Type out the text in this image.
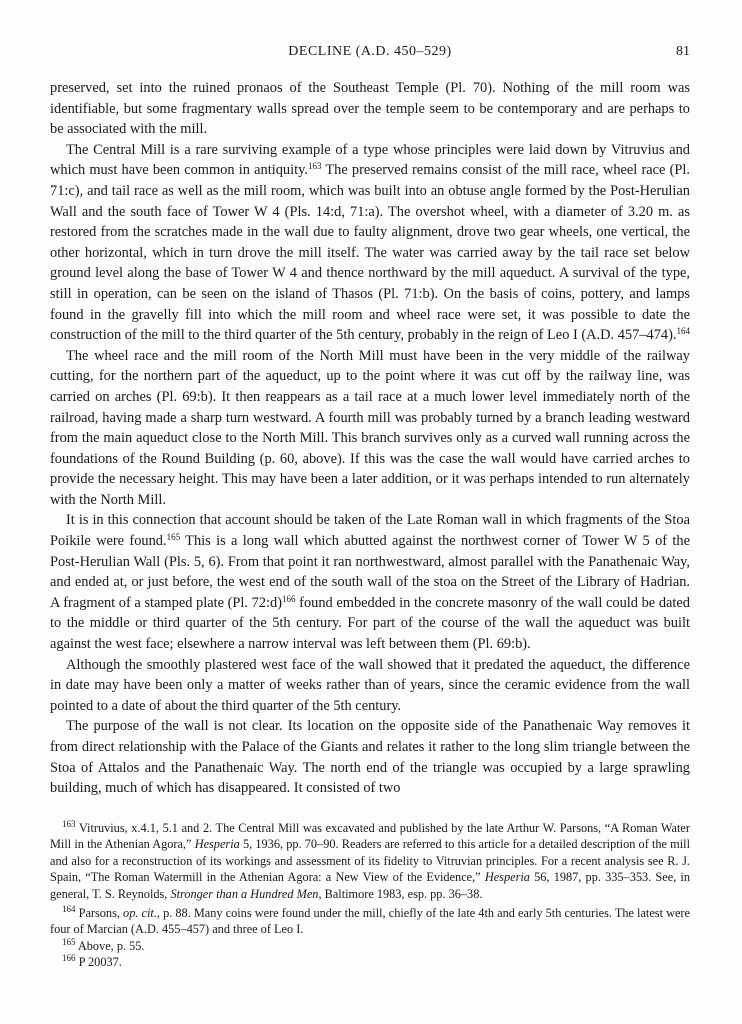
DECLINE (A.D. 450–529)	81

preserved, set into the ruined pronaos of the Southeast Temple (Pl. 70). Nothing of the mill room was identifiable, but some fragmentary walls spread over the temple seem to be contemporary and are perhaps to be associated with the mill.

The Central Mill is a rare surviving example of a type whose principles were laid down by Vitruvius and which must have been common in antiquity.$^{163}$ The preserved remains consist of the mill race, wheel race (Pl. 71:c), and tail race as well as the mill room, which was built into an obtuse angle formed by the Post-Herulian Wall and the south face of Tower W 4 (Pls. 14:d, 71:a). The overshot wheel, with a diameter of 3.20 m. as restored from the scratches made in the wall due to faulty alignment, drove two gear wheels, one vertical, the other horizontal, which in turn drove the mill itself. The water was carried away by the tail race set below ground level along the base of Tower W 4 and thence northward by the mill aqueduct. A survival of the type, still in operation, can be seen on the island of Thasos (Pl. 71:b). On the basis of coins, pottery, and lamps found in the gravelly fill into which the mill room and wheel race were set, it was possible to date the construction of the mill to the third quarter of the 5th century, probably in the reign of Leo I (A.D. 457–474).$^{164}$

The wheel race and the mill room of the North Mill must have been in the very middle of the railway cutting, for the northern part of the aqueduct, up to the point where it was cut off by the railway line, was carried on arches (Pl. 69:b). It then reappears as a tail race at a much lower level immediately north of the railroad, having made a sharp turn westward. A fourth mill was probably turned by a branch leading westward from the main aqueduct close to the North Mill. This branch survives only as a curved wall running across the foundations of the Round Building (p. 60, above). If this was the case the wall would have carried arches to provide the necessary height. This may have been a later addition, or it was perhaps intended to run alternately with the North Mill.

It is in this connection that account should be taken of the Late Roman wall in which fragments of the Stoa Poikile were found.$^{165}$ This is a long wall which abutted against the northwest corner of Tower W 5 of the Post-Herulian Wall (Pls. 5, 6). From that point it ran northwestward, almost parallel with the Panathenaic Way, and ended at, or just before, the west end of the south wall of the stoa on the Street of the Library of Hadrian. A fragment of a stamped plate (Pl. 72:d)$^{166}$ found embedded in the concrete masonry of the wall could be dated to the middle or third quarter of the 5th century. For part of the course of the wall the aqueduct was built against the west face; elsewhere a narrow interval was left between them (Pl. 69:b).

Although the smoothly plastered west face of the wall showed that it predated the aqueduct, the difference in date may have been only a matter of weeks rather than of years, since the ceramic evidence from the wall pointed to a date of about the third quarter of the 5th century.

The purpose of the wall is not clear. Its location on the opposite side of the Panathenaic Way removes it from direct relationship with the Palace of the Giants and relates it rather to the long slim triangle between the Stoa of Attalos and the Panathenaic Way. The north end of the triangle was occupied by a large sprawling building, much of which has disappeared. It consisted of two

$^{163}$ Vitruvius, x.4.1, 5.1 and 2. The Central Mill was excavated and published by the late Arthur W. Parsons, “A Roman Water Mill in the Athenian Agora,” Hesperia 5, 1936, pp. 70–90. Readers are referred to this article for a detailed description of the mill and also for a reconstruction of its workings and assessment of its fidelity to Vitruvian principles. For a recent analysis see R. J. Spain, “The Roman Watermill in the Athenian Agora: a New View of the Evidence,” Hesperia 56, 1987, pp. 335–353. See, in general, T. S. Reynolds, Stronger than a Hundred Men, Baltimore 1983, esp. pp. 36–38.

$^{164}$ Parsons, op. cit., p. 88. Many coins were found under the mill, chiefly of the late 4th and early 5th centuries. The latest were four of Marcian (A.D. 455–457) and three of Leo I.

$^{165}$ Above, p. 55.

$^{166}$ P 20037.
